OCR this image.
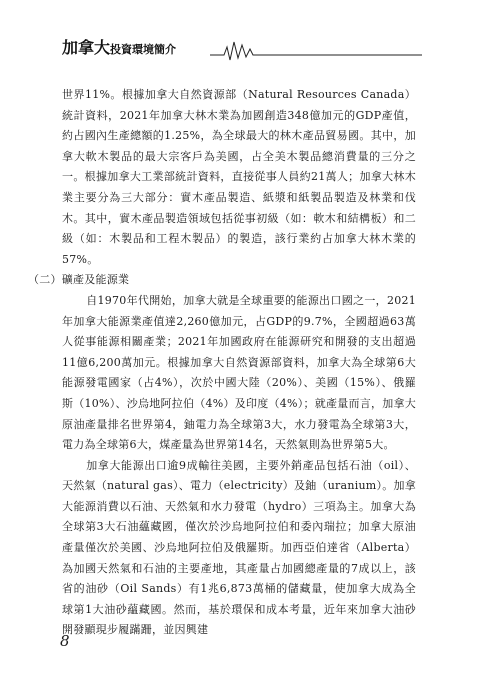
加拿大投資環境簡介

世界11%。根據加拿大自然資源部（Natural Resources Canada）統計資料，2021年加拿大林木業為加國創造348億加元的GDP產值，約占國內生產總額的1.25%，為全球最大的林木產品貿易國。其中，加拿大軟木製品的最大宗客戶為美國，占全美木製品總消費量的三分之一。根據加拿大工業部統計資料，直接從事人員約21萬人；加拿大林木業主要分為三大部分：實木產品製造、紙漿和紙製品製造及林業和伐木。其中，實木產品製造領域包括從事初級（如：軟木和結構板）和二級（如：木製品和工程木製品）的製造，該行業約占加拿大林木業的57%。

（二）礦產及能源業

自1970年代開始，加拿大就是全球重要的能源出口國之一，2021年加拿大能源業產值達2,260億加元，占GDP的9.7%，全國超過63萬人從事能源相關產業；2021年加國政府在能源研究和開發的支出超過11億6,200萬加元。根據加拿大自然資源部資料，加拿大為全球第6大能源發電國家（占4%），次於中國大陸（20%）、美國（15%）、俄羅斯（10%）、沙烏地阿拉伯（4%）及印度（4%）；就產量而言，加拿大原油產量排名世界第4，鈾電力為全球第3大，水力發電為全球第3大，電力為全球第6大，煤產量為世界第14名，天然氣則為世界第5大。

加拿大能源出口逾9成輸往美國，主要外銷產品包括石油（oil）、天然氣（natural gas）、電力（electricity）及鈾（uranium）。加拿大能源消費以石油、天然氣和水力發電（hydro）三項為主。加拿大為全球第3大石油蘊藏國，僅次於沙烏地阿拉伯和委內瑞拉；加拿大原油產量僅次於美國、沙烏地阿拉伯及俄羅斯。加西亞伯達省（Alberta）為加國天然氣和石油的主要產地，其產量占加國總產量的7成以上，該省的油砂（Oil Sands）有1兆6,873萬桶的儲藏量，使加拿大成為全球第1大油砂蘊藏國。然而，基於環保和成本考量，近年來加拿大油砂開發顯現步履蹣跚，並因興建

8
